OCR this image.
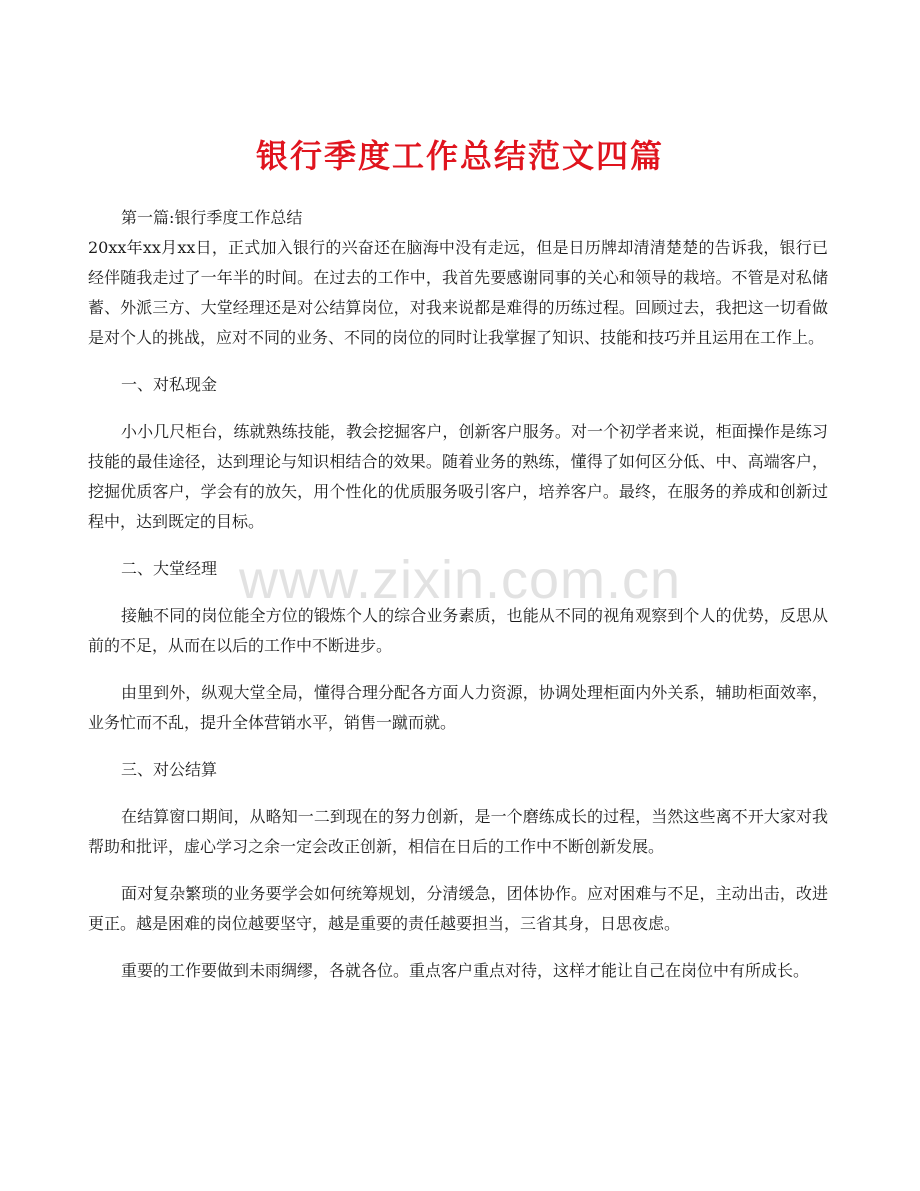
银行季度工作总结范文四篇
www.zixin.com.cn

第一篇:银行季度工作总结

20xx年xx月xx日，正式加入银行的兴奋还在脑海中没有走远，但是日历牌却清清楚楚的告诉我，银行已经伴随我走过了一年半的时间。在过去的工作中，我首先要感谢同事的关心和领导的栽培。不管是对私储蓄、外派三方、大堂经理还是对公结算岗位，对我来说都是难得的历练过程。回顾过去，我把这一切看做是对个人的挑战，应对不同的业务、不同的岗位的同时让我掌握了知识、技能和技巧并且运用在工作上。

一、对私现金

小小几尺柜台，练就熟练技能，教会挖掘客户，创新客户服务。对一个初学者来说，柜面操作是练习技能的最佳途径，达到理论与知识相结合的效果。随着业务的熟练，懂得了如何区分低、中、高端客户，挖掘优质客户，学会有的放矢，用个性化的优质服务吸引客户，培养客户。最终，在服务的养成和创新过程中，达到既定的目标。

二、大堂经理

接触不同的岗位能全方位的锻炼个人的综合业务素质，也能从不同的视角观察到个人的优势，反思从前的不足，从而在以后的工作中不断进步。

由里到外，纵观大堂全局，懂得合理分配各方面人力资源，协调处理柜面内外关系，辅助柜面效率，业务忙而不乱，提升全体营销水平，销售一蹴而就。

三、对公结算

在结算窗口期间，从略知一二到现在的努力创新，是一个磨练成长的过程，当然这些离不开大家对我帮助和批评，虚心学习之余一定会改正创新，相信在日后的工作中不断创新发展。

面对复杂繁琐的业务要学会如何统筹规划，分清缓急，团体协作。应对困难与不足，主动出击，改进更正。越是困难的岗位越要坚守，越是重要的责任越要担当，三省其身，日思夜虑。

重要的工作要做到未雨绸缪，各就各位。重点客户重点对待，这样才能让自己在岗位中有所成长。
